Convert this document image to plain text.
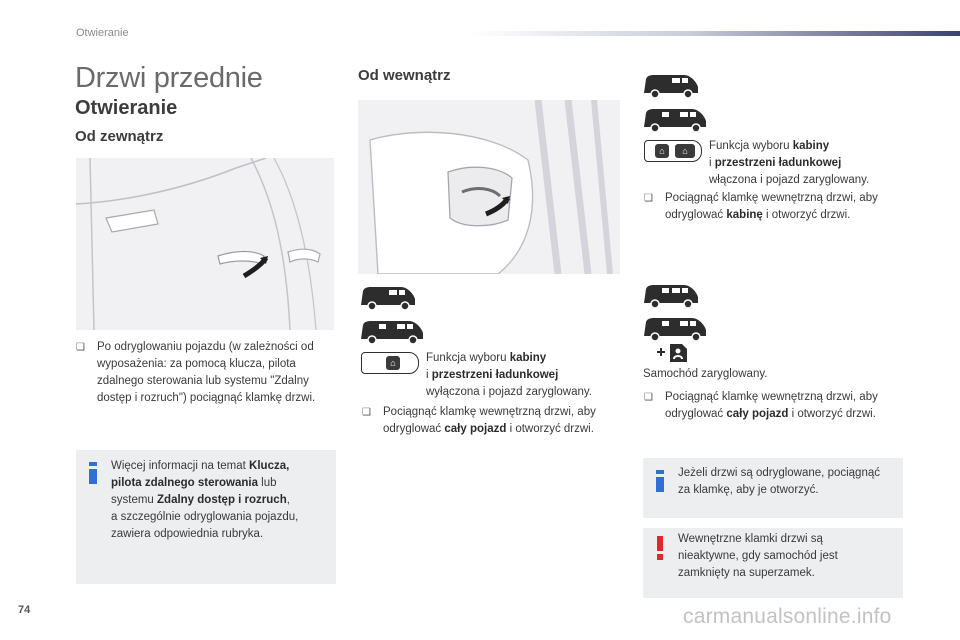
Otwieranie
Drzwi przednie
Otwieranie
Od zewnątrz
Od wewnątrz
❑	Po odryglowaniu pojazdu (w zależności od wyposażenia: za pomocą klucza, pilota zdalnego sterowania lub systemu "Zdalny dostęp i rozruch") pociągnąć klamkę drzwi.
Więcej informacji na temat Klucza,
pilota zdalnego sterowania lub
systemu Zdalny dostęp i rozruch,
a szczególnie odryglowania pojazdu,
zawiera odpowiednia rubryka.
⌂	Funkcja wyboru kabiny
i przestrzeni ładunkowej
wyłączona i pojazd zaryglowany.
❑	Pociągnąć klamkę wewnętrzną drzwi, aby odryglować cały pojazd i otworzyć drzwi.
⌂	⌂	Funkcja wyboru kabiny
i przestrzeni ładunkowej
włączona i pojazd zaryglowany.
❑	Pociągnąć klamkę wewnętrzną drzwi, aby odryglować kabinę i otworzyć drzwi.
Samochód zaryglowany.
❑	Pociągnąć klamkę wewnętrzną drzwi, aby odryglować cały pojazd i otworzyć drzwi.
Jeżeli drzwi są odryglowane, pociągnąć
za klamkę, aby je otworzyć.
Wewnętrzne klamki drzwi są
nieaktywne, gdy samochód jest
zamknięty na superzamek.
74	carmanualsonline.info
